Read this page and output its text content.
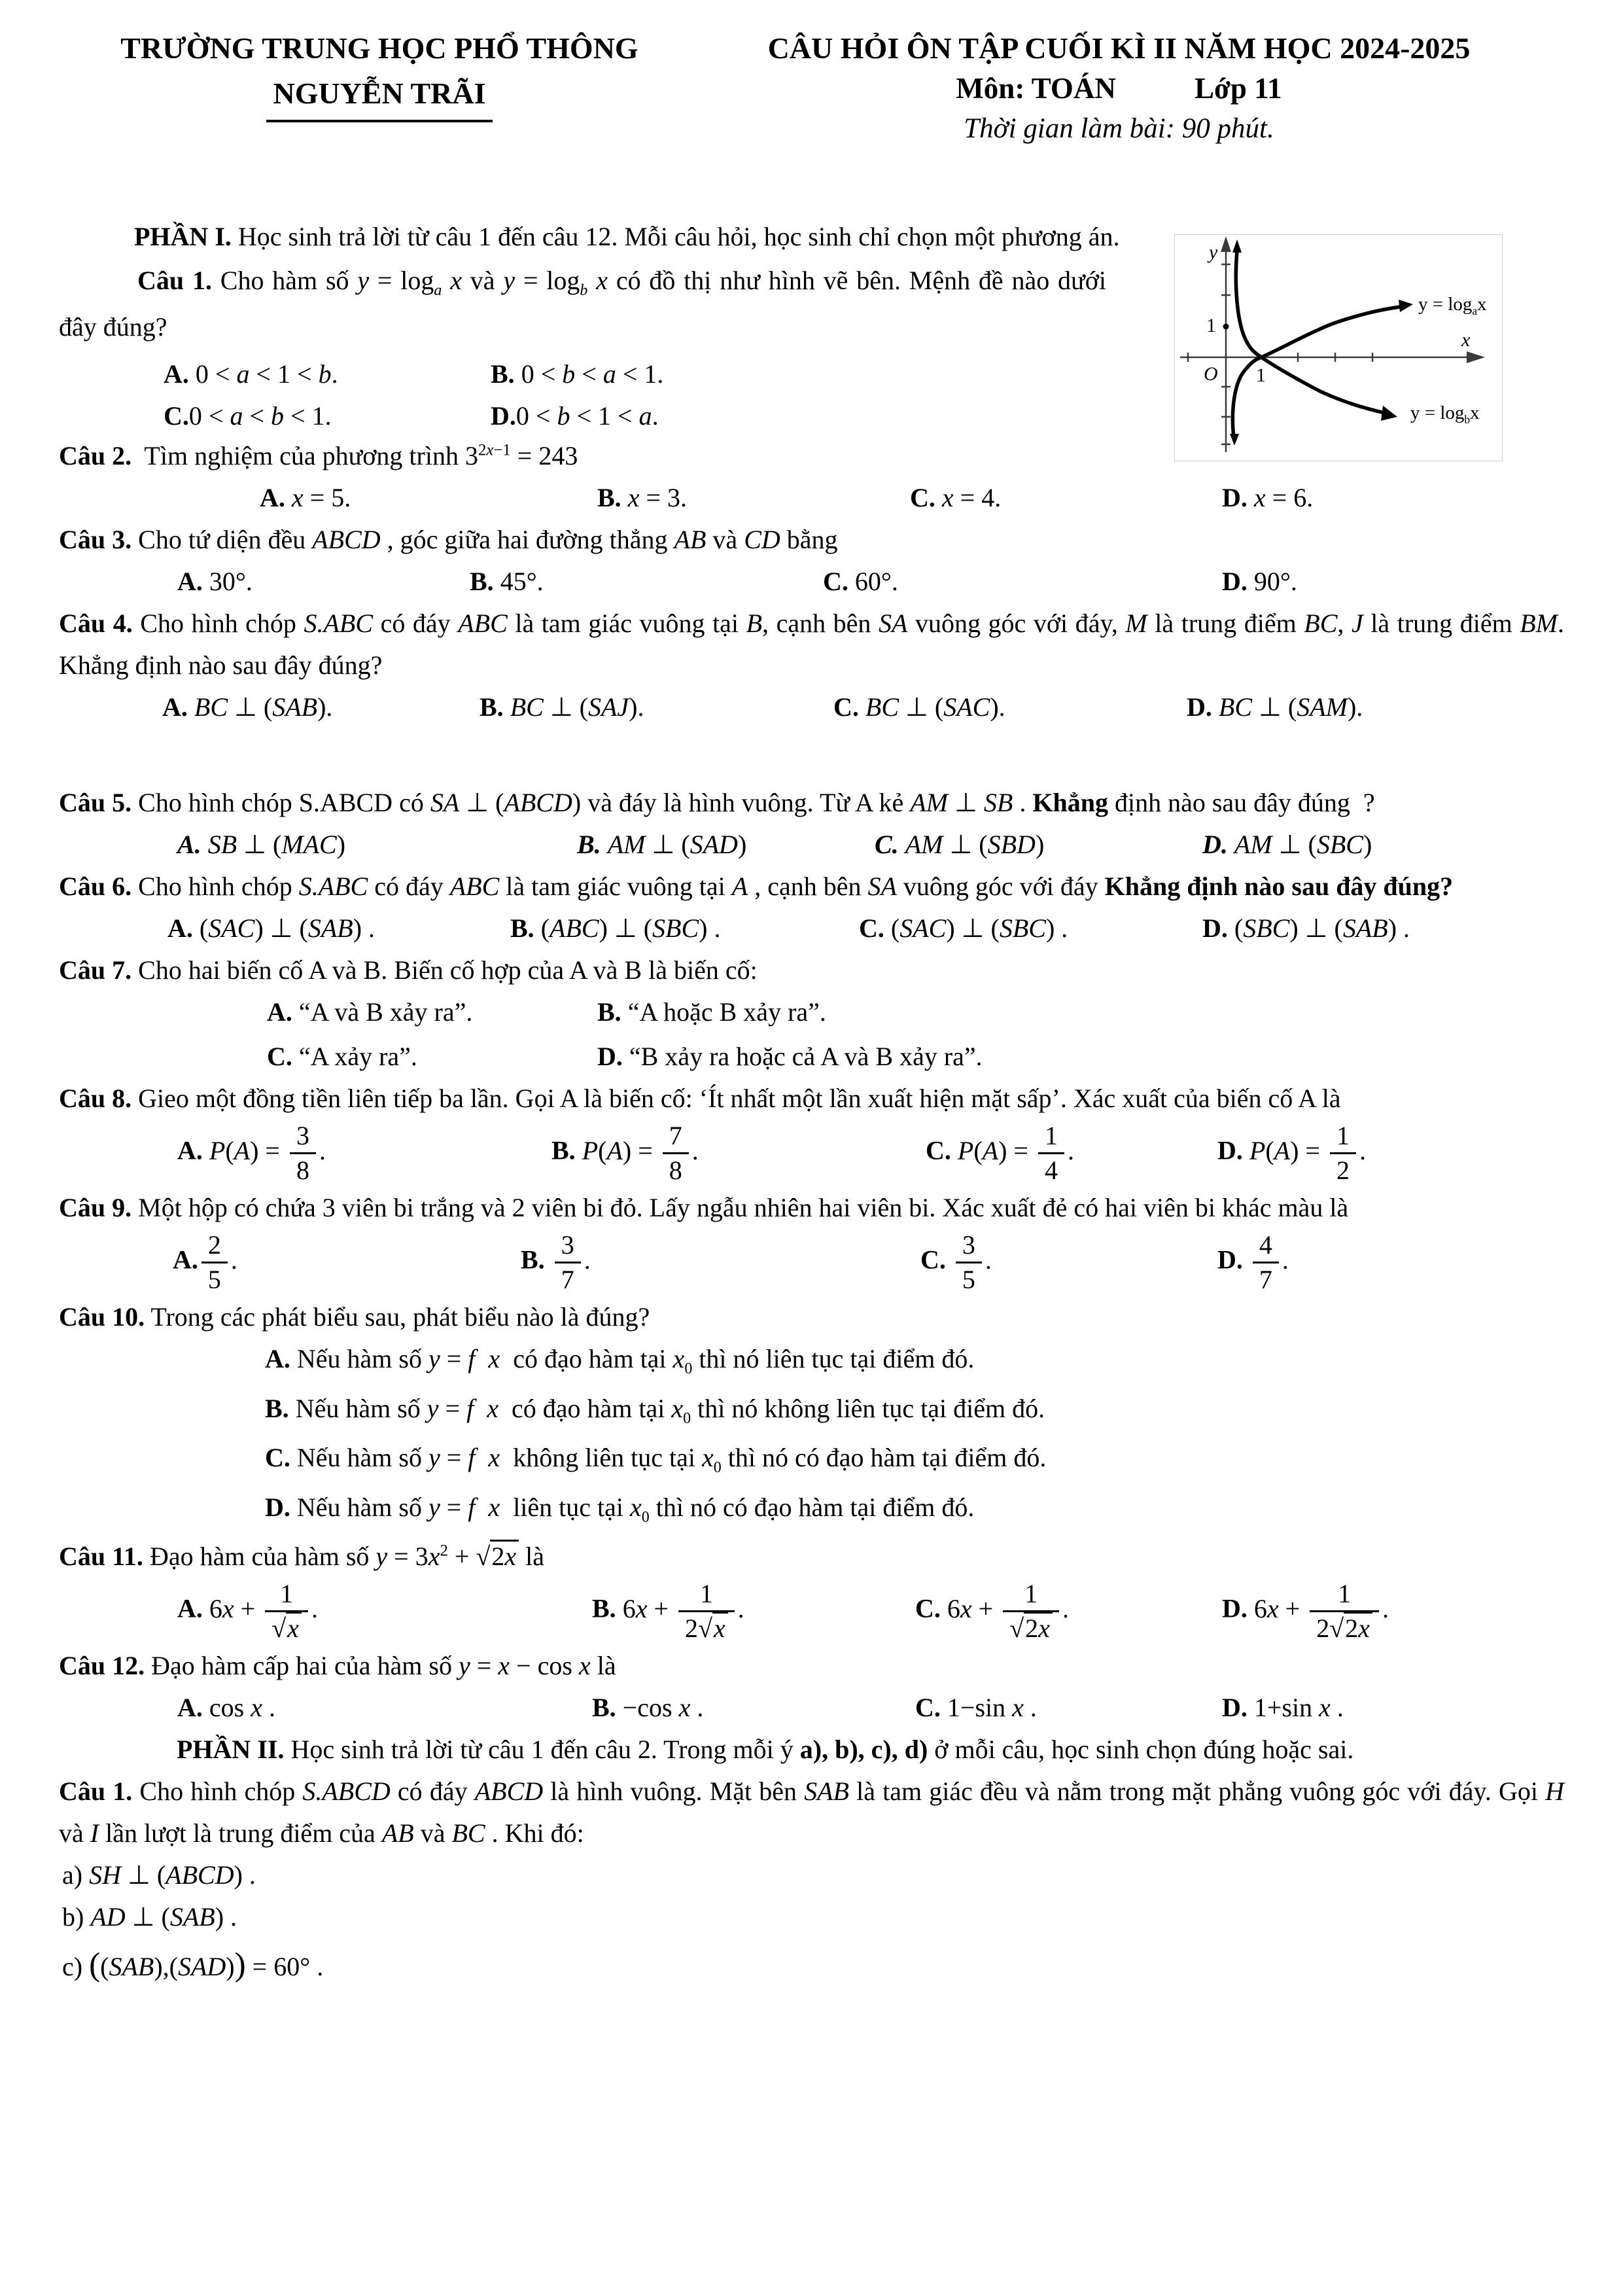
TRƯỜNG TRUNG HỌC PHỔ THÔNG
NGUYỄN TRÃI
CÂU HỎI ÔN TẬP CUỐI KÌ II NĂM HỌC 2024-2025
Môn: TOÁN	Lớp 11
Thời gian làm bài: 90 phút.
y
x
O
1
1
$y = \log_ax$
$y = \log_bx$

PHẦN I. Học sinh trả lời từ câu 1 đến câu 12. Mỗi câu hỏi, học sinh chỉ chọn một phương án.

Câu 1. Cho hàm số $y = \log_a x$ và $y = \log_b x$ có đồ thị như hình vẽ bên. Mệnh đề nào dưới đây đúng?

A. 0 < a < 1 < b.	B. 0 < b < a < 1.
C.0 < a < b < 1.	D.0 < b < 1 < a.

Câu 2. Tìm nghiệm của phương trình $3^{2x-1} = 243$

A. x = 5.	B. x = 3.	C. x = 4.	D. x = 6.

Câu 3. Cho tứ diện đều ABCD , góc giữa hai đường thẳng AB và CD bằng

A. 30°.	B. 45°.	C. 60°.	D. 90°.

Câu 4. Cho hình chóp S.ABC có đáy ABC là tam giác vuông tại B, cạnh bên SA vuông góc với đáy, M là trung điểm BC, J là trung điểm BM. Khẳng định nào sau đây đúng?

A. BC ⊥ (SAB).	B. BC ⊥ (SAJ).	C. BC ⊥ (SAC).	D. BC ⊥ (SAM).

Câu 5. Cho hình chóp S.ABCD có SA ⊥ (ABCD) và đáy là hình vuông. Từ A kẻ AM ⊥ SB . Khẳng định nào sau đây đúng  ?

A. SB ⊥ (MAC)	B. AM ⊥ (SAD)	C. AM ⊥ (SBD)	D. AM ⊥ (SBC)

Câu 6. Cho hình chóp S.ABC có đáy ABC là tam giác vuông tại A , cạnh bên SA vuông góc với đáy Khẳng định nào sau đây đúng?

A. (SAC) ⊥ (SAB) .	B. (ABC) ⊥ (SBC) .	C. (SAC) ⊥ (SBC) .	D. (SBC) ⊥ (SAB) .

Câu 7. Cho hai biến cố A và B. Biến cố hợp của A và B là biến cố:

A. “A và B xảy ra”.	B. “A hoặc B xảy ra”.
C. “A xảy ra”.	D. “B xảy ra hoặc cả A và B xảy ra”.

Câu 8. Gieo một đồng tiền liên tiếp ba lần. Gọi A là biến cố: ‘Ít nhất một lần xuất hiện mặt sấp’. Xác xuất của biến cố A là

A. $P(A) = \frac{3}{8}$ .	B. $P(A) = \frac{7}{8}$ .	C. $P(A) = \frac{1}{4}$ .	D. $P(A) = \frac{1}{2}$ .

Câu 9. Một hộp có chứa 3 viên bi trắng và 2 viên bi đỏ. Lấy ngẫu nhiên hai viên bi. Xác xuất đẻ có hai viên bi khác màu là

A. $\frac{2}{5}$ .	B. $\frac{3}{7}$ .	C. $\frac{3}{5}$ .	D. $\frac{4}{7}$ .

Câu 10. Trong các phát biểu sau, phát biểu nào là đúng?

A. Nếu hàm số y = f x  có đạo hàm tại $x_0$ thì nó liên tục tại điểm đó.
B. Nếu hàm số y = f x  có đạo hàm tại $x_0$ thì nó không liên tục tại điểm đó.
C. Nếu hàm số y = f x  không liên tục tại $x_0$ thì nó có đạo hàm tại điểm đó.
D. Nếu hàm số y = f x  liên tục tại $x_0$ thì nó có đạo hàm tại điểm đó.

Câu 11. Đạo hàm của hàm số $y = 3x^2 + √2x$ là

A. $6x + \frac{1}{√x}$ .	B. $6x + \frac{1}{2√x}$ .	C. $6x + \frac{1}{√2x}$ .	D. $6x + \frac{1}{2√2x}$ .

Câu 12. Đạo hàm cấp hai của hàm số y = x − cos x là

A. cos x .	B. −cos x .	C. 1−sin x .	D. 1+sin x .

PHẦN II. Học sinh trả lời từ câu 1 đến câu 2. Trong mỗi ý a), b), c), d) ở mỗi câu, học sinh chọn đúng hoặc sai.

Câu 1. Cho hình chóp S.ABCD có đáy ABCD là hình vuông. Mặt bên SAB là tam giác đều và nằm trong mặt phẳng vuông góc với đáy. Gọi H và I lần lượt là trung điểm của AB và BC . Khi đó:

a) SH ⊥ (ABCD) .

b) AD ⊥ (SAB) .

c) ((SAB),(SAD)) = 60° .
